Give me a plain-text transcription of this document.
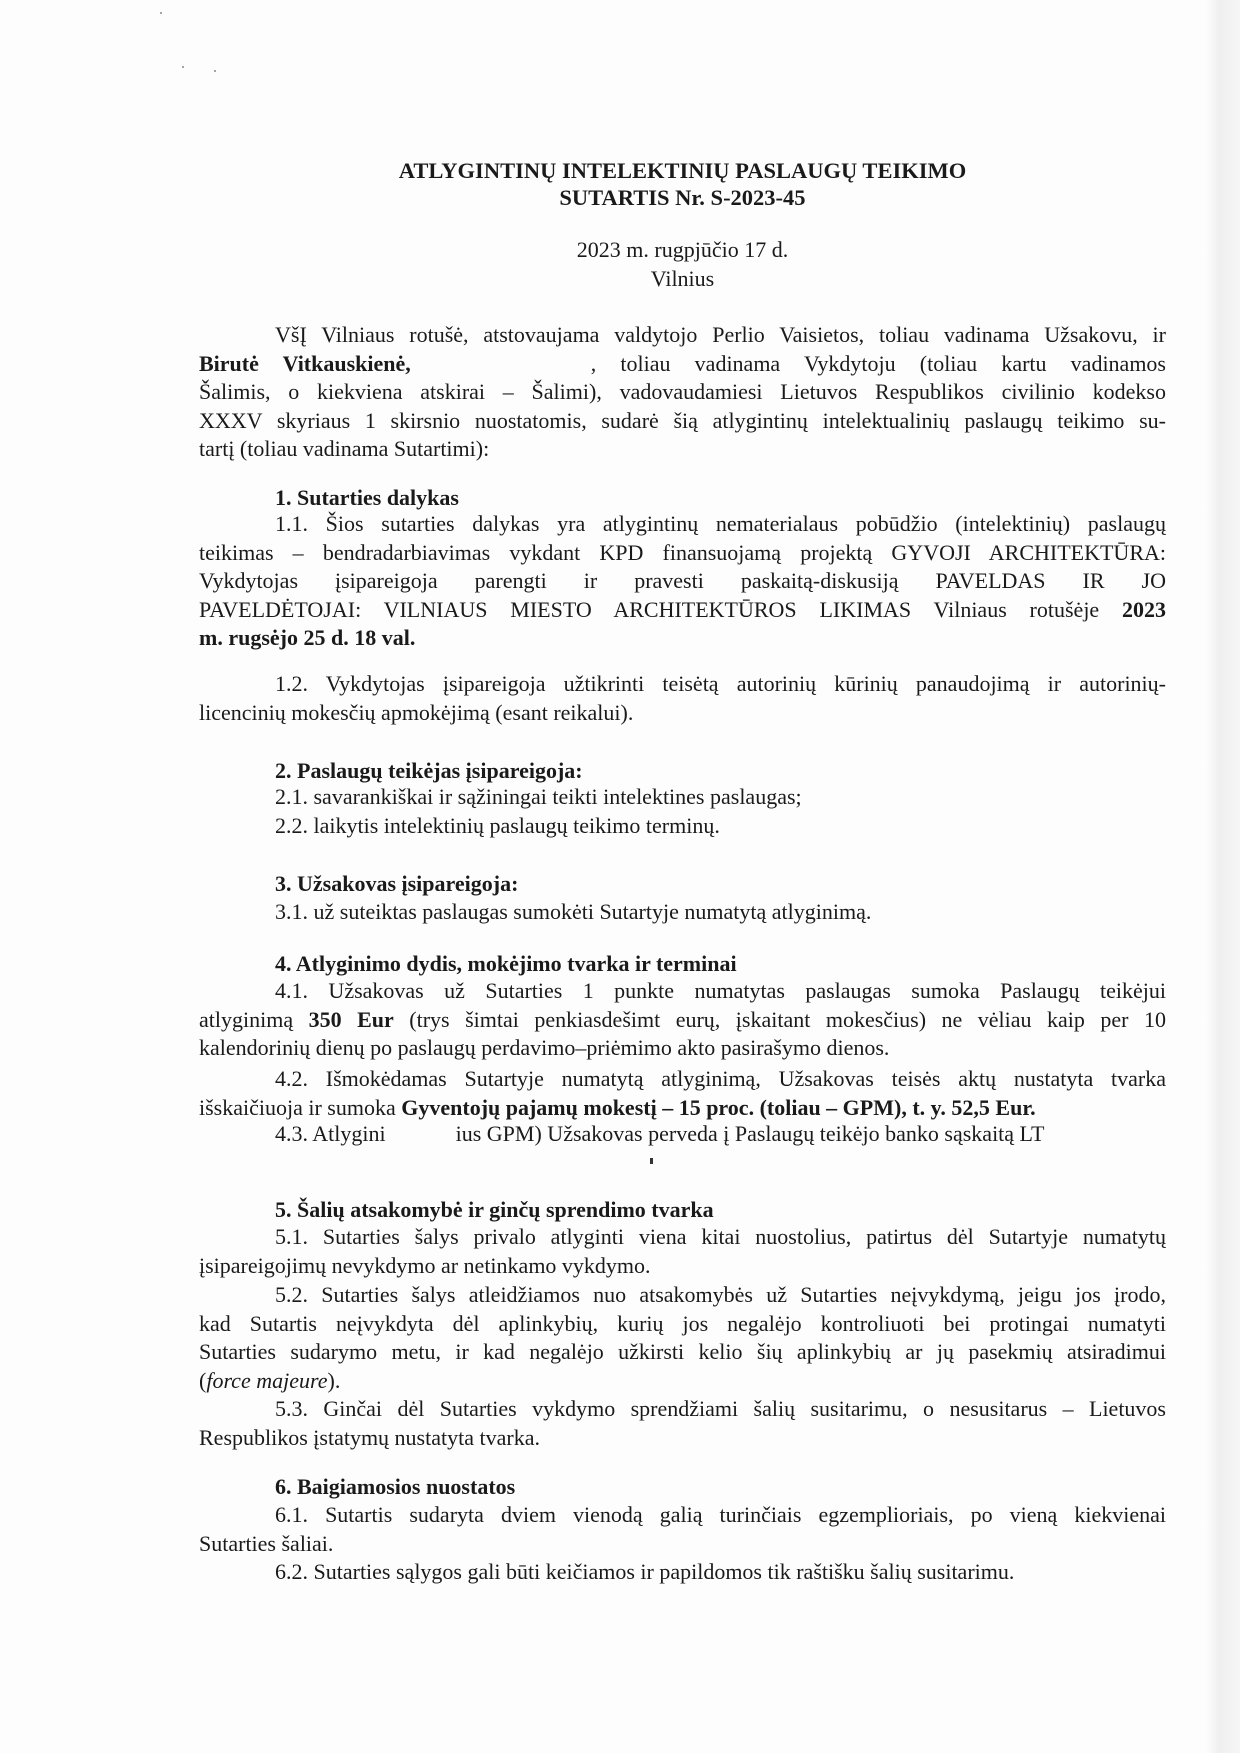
ATLYGINTINŲ INTELEKTINIŲ PASLAUGŲ TEIKIMO
SUTARTIS Nr. S-2023-45
2023 m. rugpjūčio 17 d.
Vilnius
VšĮ Vilniaus rotušė, atstovaujama valdytojo Perlio Vaisietos, toliau vadinama Užsakovu, ir
Birutė Vitkauskienė,	, toliau vadinama Vykdytoju (toliau kartu vadinamos
Šalimis, o kiekviena atskirai – Šalimi), vadovaudamiesi Lietuvos Respublikos civilinio kodekso
XXXV skyriaus 1 skirsnio nuostatomis, sudarė šią atlygintinų intelektualinių paslaugų teikimo su-
tartį (toliau vadinama Sutartimi):
1. Sutarties dalykas
1.1. Šios sutarties dalykas yra atlygintinų nematerialaus pobūdžio (intelektinių) paslaugų
teikimas – bendradarbiavimas vykdant KPD finansuojamą projektą GYVOJI ARCHITEKTŪRA:
Vykdytojas įsipareigoja parengti ir pravesti paskaitą-diskusiją PAVELDAS IR JO
PAVELDĖTOJAI: VILNIAUS MIESTO ARCHITEKTŪROS LIKIMAS Vilniaus rotušėje 2023
m. rugsėjo 25 d. 18 val.
1.2. Vykdytojas įsipareigoja užtikrinti teisėtą autorinių kūrinių panaudojimą ir autorinių-
licencinių mokesčių apmokėjimą (esant reikalui).
2. Paslaugų teikėjas įsipareigoja:
2.1. savarankiškai ir sąžiningai teikti intelektines paslaugas;
2.2. laikytis intelektinių paslaugų teikimo terminų.
3. Užsakovas įsipareigoja:
3.1. už suteiktas paslaugas sumokėti Sutartyje numatytą atlyginimą.
4. Atlyginimo dydis, mokėjimo tvarka ir terminai
4.1. Užsakovas už Sutarties 1 punkte numatytas paslaugas sumoka Paslaugų teikėjui
atlyginimą 350 Eur (trys šimtai penkiasdešimt eurų, įskaitant mokesčius) ne vėliau kaip per 10
kalendorinių dienų po paslaugų perdavimo–priėmimo akto pasirašymo dienos.
4.2. Išmokėdamas Sutartyje numatytą atlyginimą, Užsakovas teisės aktų nustatyta tvarka
išskaičiuoja ir sumoka Gyventojų pajamų mokestį – 15 proc. (toliau – GPM), t. y. 52,5 Eur.
4.3. Atlygini	ius GPM) Užsakovas perveda į Paslaugų teikėjo banko sąskaitą LT
5. Šalių atsakomybė ir ginčų sprendimo tvarka
5.1. Sutarties šalys privalo atlyginti viena kitai nuostolius, patirtus dėl Sutartyje numatytų
įsipareigojimų nevykdymo ar netinkamo vykdymo.
5.2. Sutarties šalys atleidžiamos nuo atsakomybės už Sutarties neįvykdymą, jeigu jos įrodo,
kad Sutartis neįvykdyta dėl aplinkybių, kurių jos negalėjo kontroliuoti bei protingai numatyti
Sutarties sudarymo metu, ir kad negalėjo užkirsti kelio šių aplinkybių ar jų pasekmių atsiradimui
(force majeure).
5.3. Ginčai dėl Sutarties vykdymo sprendžiami šalių susitarimu, o nesusitarus – Lietuvos
Respublikos įstatymų nustatyta tvarka.
6. Baigiamosios nuostatos
6.1. Sutartis sudaryta dviem vienodą galią turinčiais egzemplioriais, po vieną kiekvienai
Sutarties šaliai.
6.2. Sutarties sąlygos gali būti keičiamos ir papildomos tik raštišku šalių susitarimu.
